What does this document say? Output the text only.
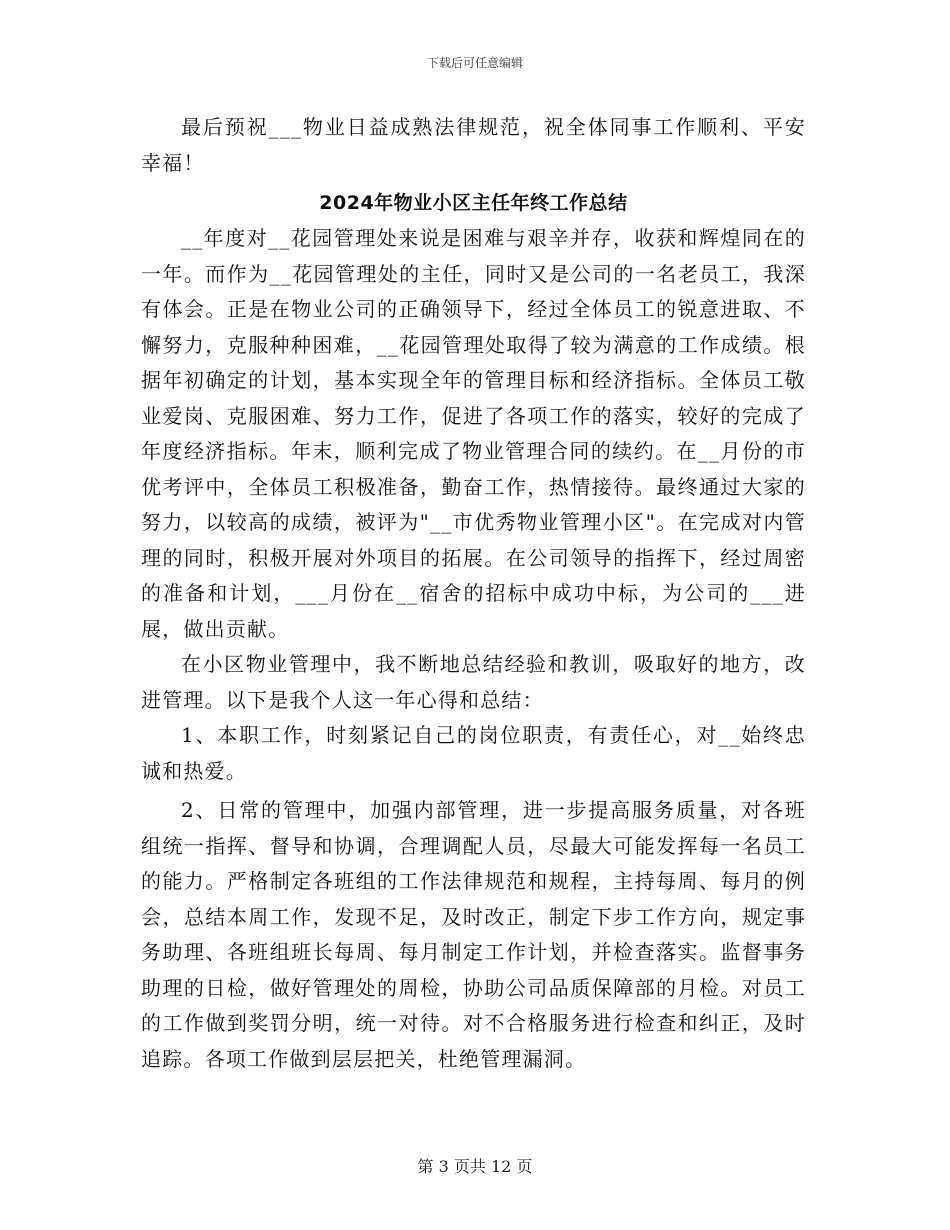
下载后可任意编辑

最后预祝___物业日益成熟法律规范，祝全体同事工作顺利、平安幸福！

2024年物业小区主任年终工作总结

__年度对__花园管理处来说是困难与艰辛并存，收获和辉煌同在的一年。而作为__花园管理处的主任，同时又是公司的一名老员工，我深有体会。正是在物业公司的正确领导下，经过全体员工的锐意进取、不懈努力，克服种种困难，__花园管理处取得了较为满意的工作成绩。根据年初确定的计划，基本实现全年的管理目标和经济指标。全体员工敬业爱岗、克服困难、努力工作，促进了各项工作的落实，较好的完成了年度经济指标。年末，顺利完成了物业管理合同的续约。在__月份的市优考评中，全体员工积极准备，勤奋工作，热情接待。最终通过大家的努力，以较高的成绩，被评为"__市优秀物业管理小区"。在完成对内管理的同时，积极开展对外项目的拓展。在公司领导的指挥下，经过周密的准备和计划，___月份在__宿舍的招标中成功中标，为公司的___进展，做出贡献。

在小区物业管理中，我不断地总结经验和教训，吸取好的地方，改进管理。以下是我个人这一年心得和总结：

1、本职工作，时刻紧记自己的岗位职责，有责任心，对__始终忠诚和热爱。

2、日常的管理中，加强内部管理，进一步提高服务质量，对各班组统一指挥、督导和协调，合理调配人员，尽最大可能发挥每一名员工的能力。严格制定各班组的工作法律规范和规程，主持每周、每月的例会，总结本周工作，发现不足，及时改正，制定下步工作方向，规定事务助理、各班组班长每周、每月制定工作计划，并检查落实。监督事务助理的日检，做好管理处的周检，协助公司品质保障部的月检。对员工的工作做到奖罚分明，统一对待。对不合格服务进行检查和纠正，及时追踪。各项工作做到层层把关，杜绝管理漏洞。

第 3 页共 12 页
